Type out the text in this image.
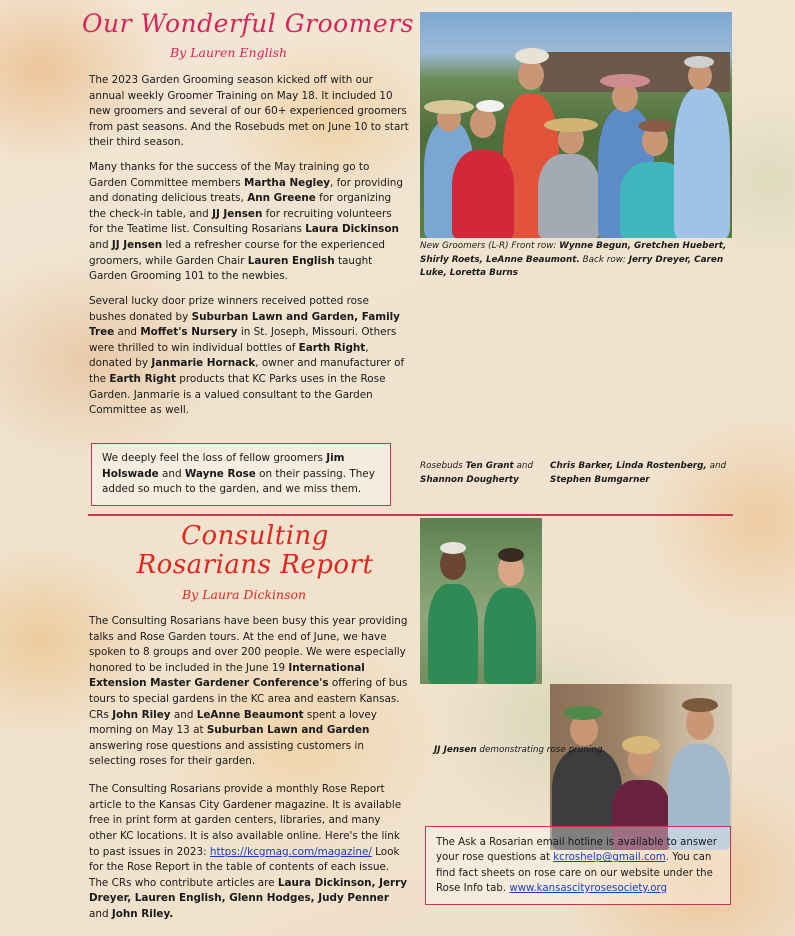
Our Wonderful Groomers
By Lauren English

The 2023 Garden Grooming season kicked off with our annual weekly Groomer Training on May 18. It included 10 new groomers and several of our 60+ experienced groomers from past seasons. And the Rosebuds met on June 10 to start their third season.

Many thanks for the success of the May training go to Garden Committee members Martha Negley, for providing and donating delicious treats, Ann Greene for organizing the check-in table, and JJ Jensen for recruiting volunteers for the Teatime list. Consulting Rosarians Laura Dickinson and JJ Jensen led a refresher course for the experienced groomers, while Garden Chair Lauren English taught Garden Grooming 101 to the newbies.

Several lucky door prize winners received potted rose bushes donated by Suburban Lawn and Garden, Family Tree and Moffet's Nursery in St. Joseph, Missouri. Others were thrilled to win individual bottles of Earth Right, donated by Janmarie Hornack, owner and manufacturer of the Earth Right products that KC Parks uses in the Rose Garden. Janmarie is a valued consultant to the Garden Committee as well.

We deeply feel the loss of fellow groomers Jim Holswade and Wayne Rose on their passing. They added so much to the garden, and we miss them.
New Groomers (L-R) Front row: Wynne Begun, Gretchen Huebert, Shirly Roets, LeAnne Beaumont. Back row: Jerry Dreyer, Caren Luke, Loretta Burns
Rosebuds Ten Grant and Shannon Dougherty
Chris Barker, Linda Rostenberg, and Stephen Bumgarner
Consulting
Rosarians Report
By Laura Dickinson

The Consulting Rosarians have been busy this year providing talks and Rose Garden tours. At the end of June, we have spoken to 8 groups and over 200 people. We were especially honored to be included in the June 19 International Extension Master Gardener Conference's offering of bus tours to special gardens in the KC area and eastern Kansas. CRs John Riley and LeAnne Beaumont spent a lovey morning on May 13 at Suburban Lawn and Garden answering rose questions and assisting customers in selecting roses for their garden.

The Consulting Rosarians provide a monthly Rose Report article to the Kansas City Gardener magazine. It is available free in print form at garden centers, libraries, and many other KC locations. It is also available online. Here's the link to past issues in 2023: https://kcgmag.com/magazine/ Look for the Rose Report in the table of contents of each issue. The CRs who contribute articles are Laura Dickinson, Jerry Dreyer, Lauren English, Glenn Hodges, Judy Penner and John Riley.

JJ Jensen demonstrating rose pruning.
The Ask a Rosarian email hotline is available to answer your rose questions at kcroshelp@gmail.com. You can find fact sheets on rose care on our website under the Rose Info tab. www.kansascityrosesociety.org
